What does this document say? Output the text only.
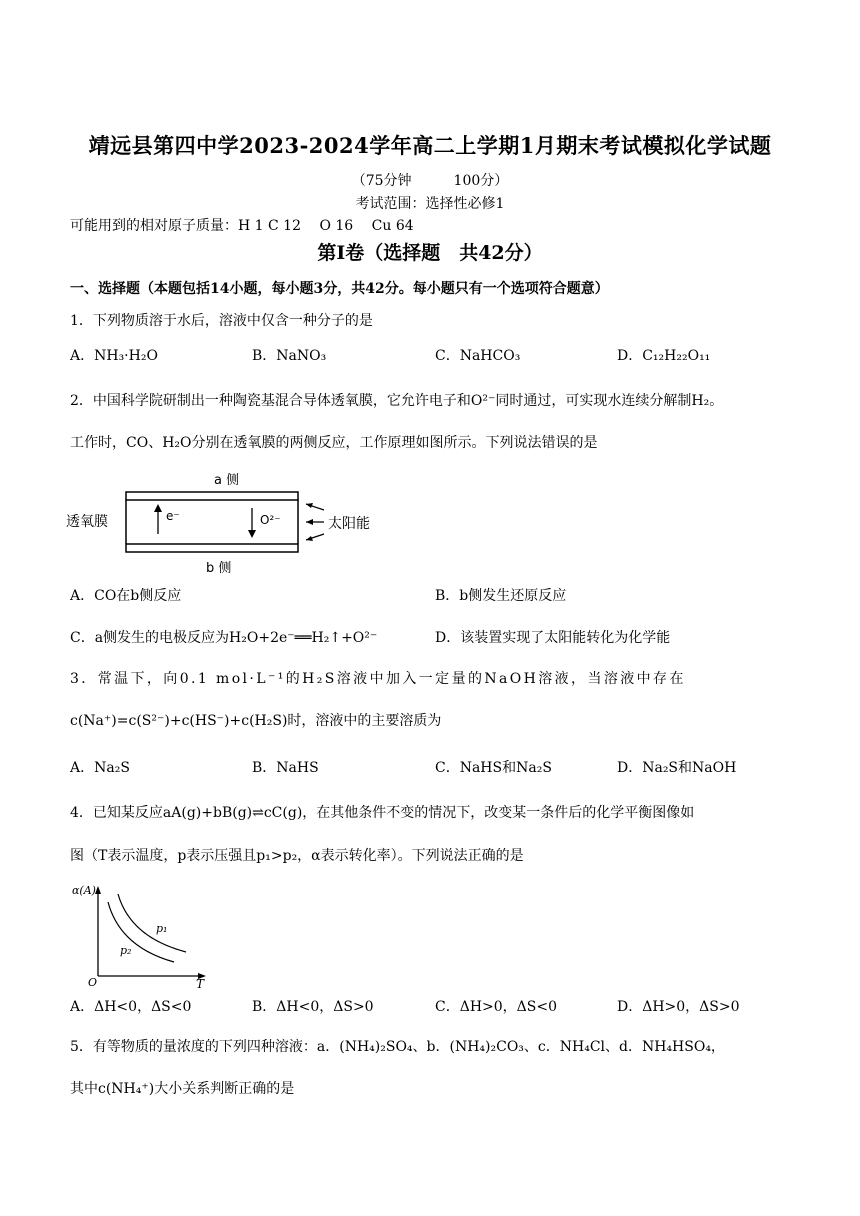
靖远县第四中学2023-2024学年高二上学期1月期末考试模拟化学试题
（75分钟　　　100分）
考试范围：选择性必修1
可能用到的相对原子质量：H 1 C 12　 O 16　 Cu 64
第Ⅰ卷（选择题　共42分）
一、选择题（本题包括14小题，每小题3分，共42分。每小题只有一个选项符合题意）
1．下列物质溶于水后，溶液中仅含一种分子的是
A．NH₃·H₂O	B．NaNO₃	C．NaHCO₃	D．C₁₂H₂₂O₁₁
2．中国科学院研制出一种陶瓷基混合导体透氧膜，它允许电子和O²⁻同时通过，可实现水连续分解制H₂。
工作时，CO、H₂O分别在透氧膜的两侧反应，工作原理如图所示。下列说法错误的是
a 侧
透氧膜	e⁻	O²⁻	太阳能
b 侧
A．CO在b侧反应	B．b侧发生还原反应
C．a侧发生的电极反应为H₂O+2e⁻══H₂↑+O²⁻	D．该装置实现了太阳能转化为化学能
3．常温下，向0.1 mol·L⁻¹的H₂S溶液中加入一定量的NaOH溶液，当溶液中存在
c(Na⁺)=c(S²⁻)+c(HS⁻)+c(H₂S)时，溶液中的主要溶质为
A．Na₂S	B．NaHS	C．NaHS和Na₂S	D．Na₂S和NaOH
4．已知某反应aA(g)+bB(g)⇌cC(g)，在其他条件不变的情况下，改变某一条件后的化学平衡图像如
图（T表示温度，p表示压强且p₁>p₂，α表示转化率）。下列说法正确的是
α(A)
T
O
p₁
p₂
A．ΔH<0，ΔS<0	B．ΔH<0，ΔS>0	C．ΔH>0，ΔS<0	D．ΔH>0，ΔS>0
5．有等物质的量浓度的下列四种溶液：a．(NH₄)₂SO₄、b．(NH₄)₂CO₃、c．NH₄Cl、d．NH₄HSO₄，
其中c(NH₄⁺)大小关系判断正确的是
